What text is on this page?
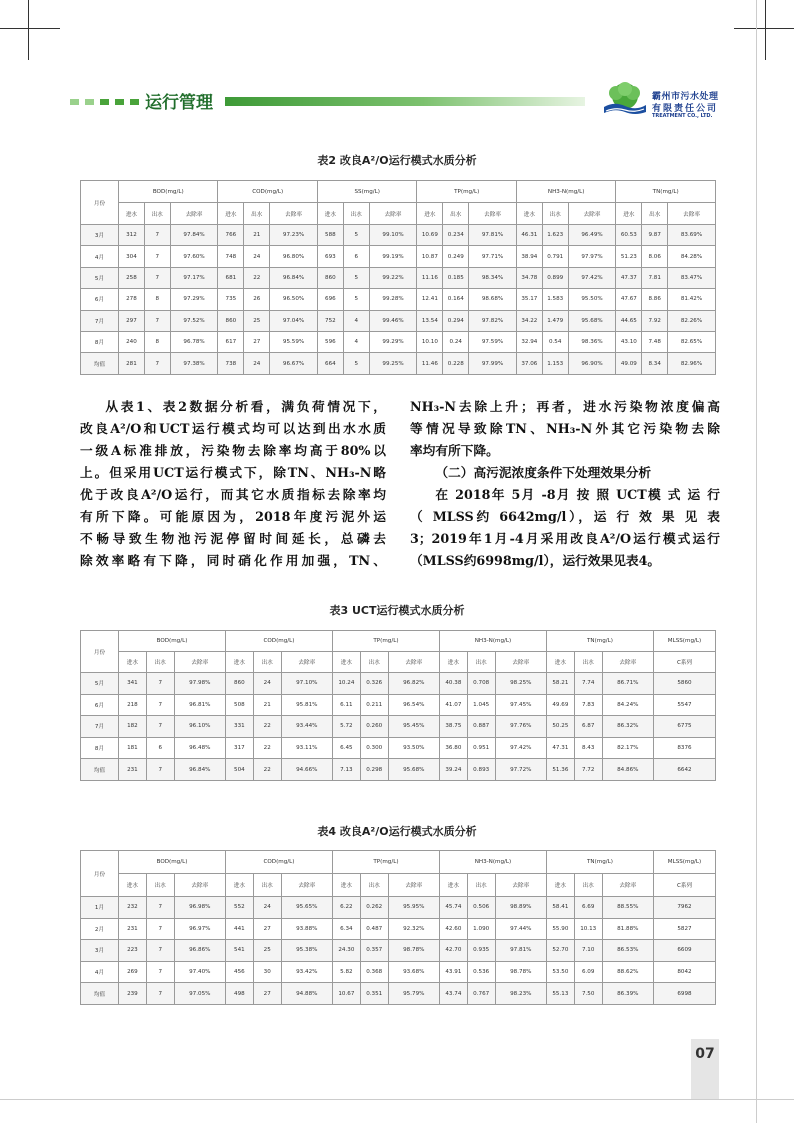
运行管理	霸州市污水处理
有限责任公司
TREATMENT CO., LTD.
表2 改良A²/O运行模式水质分析
月份	BOD(mg/L)			COD(mg/L)			SS(mg/L)			TP(mg/L)			NH3-N(mg/L)			TN(mg/L)		
	进水	出水	去除率	进水	出水	去除率	进水	出水	去除率	进水	出水	去除率	进水	出水	去除率	进水	出水	去除率
3月	312	7	97.84%	766	21	97.23%	588	5	99.10%	10.69	0.234	97.81%	46.31	1.623	96.49%	60.53	9.87	83.69%
4月	304	7	97.60%	748	24	96.80%	693	6	99.19%	10.87	0.249	97.71%	38.94	0.791	97.97%	51.23	8.06	84.28%
5月	258	7	97.17%	681	22	96.84%	860	5	99.22%	11.16	0.185	98.34%	34.78	0.899	97.42%	47.37	7.81	83.47%
6月	278	8	97.29%	735	26	96.50%	696	5	99.28%	12.41	0.164	98.68%	35.17	1.583	95.50%	47.67	8.86	81.42%
7月	297	7	97.52%	860	25	97.04%	752	4	99.46%	13.54	0.294	97.82%	34.22	1.479	95.68%	44.65	7.92	82.26%
8月	240	8	96.78%	617	27	95.59%	596	4	99.29%	10.10	0.24	97.59%	32.94	0.54	98.36%	43.10	7.48	82.65%
均值	281	7	97.38%	738	24	96.67%	664	5	99.25%	11.46	0.228	97.99%	37.06	1.153	96.90%	49.09	8.34	82.96%

从表1、表2数据分析看，满负荷情况下，

改良A²/O和UCT运行模式均可以达到出水水质

一级A标准排放，污染物去除率均高于80%以

上。但采用UCT运行模式下，除TN、NH₃-N略

优于改良A²/O运行，而其它水质指标去除率均

有所下降。可能原因为，2018年度污泥外运

不畅导致生物池污泥停留时间延长，总磷去

除效率略有下降，同时硝化作用加强，TN、

NH₃-N去除上升；再者，进水污染物浓度偏高

等情况导致除TN、NH₃-N外其它污染物去除

率均有所下降。

（二）高污泥浓度条件下处理效果分析

在 2018年 5月 -8月 按 照 UCT模 式 运 行

（ MLSS约 6642mg/l），运 行 效 果 见 表

3；2019年1月-4月采用改良A²/O运行模式运行

（MLSS约6998mg/l），运行效果见表4。

表3 UCT运行模式水质分析
月份	BOD(mg/L)			COD(mg/L)			TP(mg/L)			NH3-N(mg/L)			TN(mg/L)			MLSS(mg/L)
	进水	出水	去除率	进水	出水	去除率	进水	出水	去除率	进水	出水	去除率	进水	出水	去除率	C系列
5月	341	7	97.98%	860	24	97.10%	10.24	0.326	96.82%	40.38	0.708	98.25%	58.21	7.74	86.71%	5860
6月	218	7	96.81%	508	21	95.81%	6.11	0.211	96.54%	41.07	1.045	97.45%	49.69	7.83	84.24%	5547
7月	182	7	96.10%	331	22	93.44%	5.72	0.260	95.45%	38.75	0.887	97.76%	50.25	6.87	86.32%	6775
8月	181	6	96.48%	317	22	93.11%	6.45	0.300	93.50%	36.80	0.951	97.42%	47.31	8.43	82.17%	8376
均值	231	7	96.84%	504	22	94.66%	7.13	0.298	95.68%	39.24	0.893	97.72%	51.36	7.72	84.86%	6642
表4 改良A²/O运行模式水质分析
月份	BOD(mg/L)			COD(mg/L)			TP(mg/L)			NH3-N(mg/L)			TN(mg/L)			MLSS(mg/L)
	进水	出水	去除率	进水	出水	去除率	进水	出水	去除率	进水	出水	去除率	进水	出水	去除率	C系列
1月	232	7	96.98%	552	24	95.65%	6.22	0.262	95.95%	45.74	0.506	98.89%	58.41	6.69	88.55%	7962
2月	231	7	96.97%	441	27	93.88%	6.34	0.487	92.32%	42.60	1.090	97.44%	55.90	10.13	81.88%	5827
3月	223	7	96.86%	541	25	95.38%	24.30	0.357	98.78%	42.70	0.935	97.81%	52.70	7.10	86.53%	6609
4月	269	7	97.40%	456	30	93.42%	5.82	0.368	93.68%	43.91	0.536	98.78%	53.50	6.09	88.62%	8042
均值	239	7	97.05%	498	27	94.88%	10.67	0.351	95.79%	43.74	0.767	98.23%	55.13	7.50	86.39%	6998
07
